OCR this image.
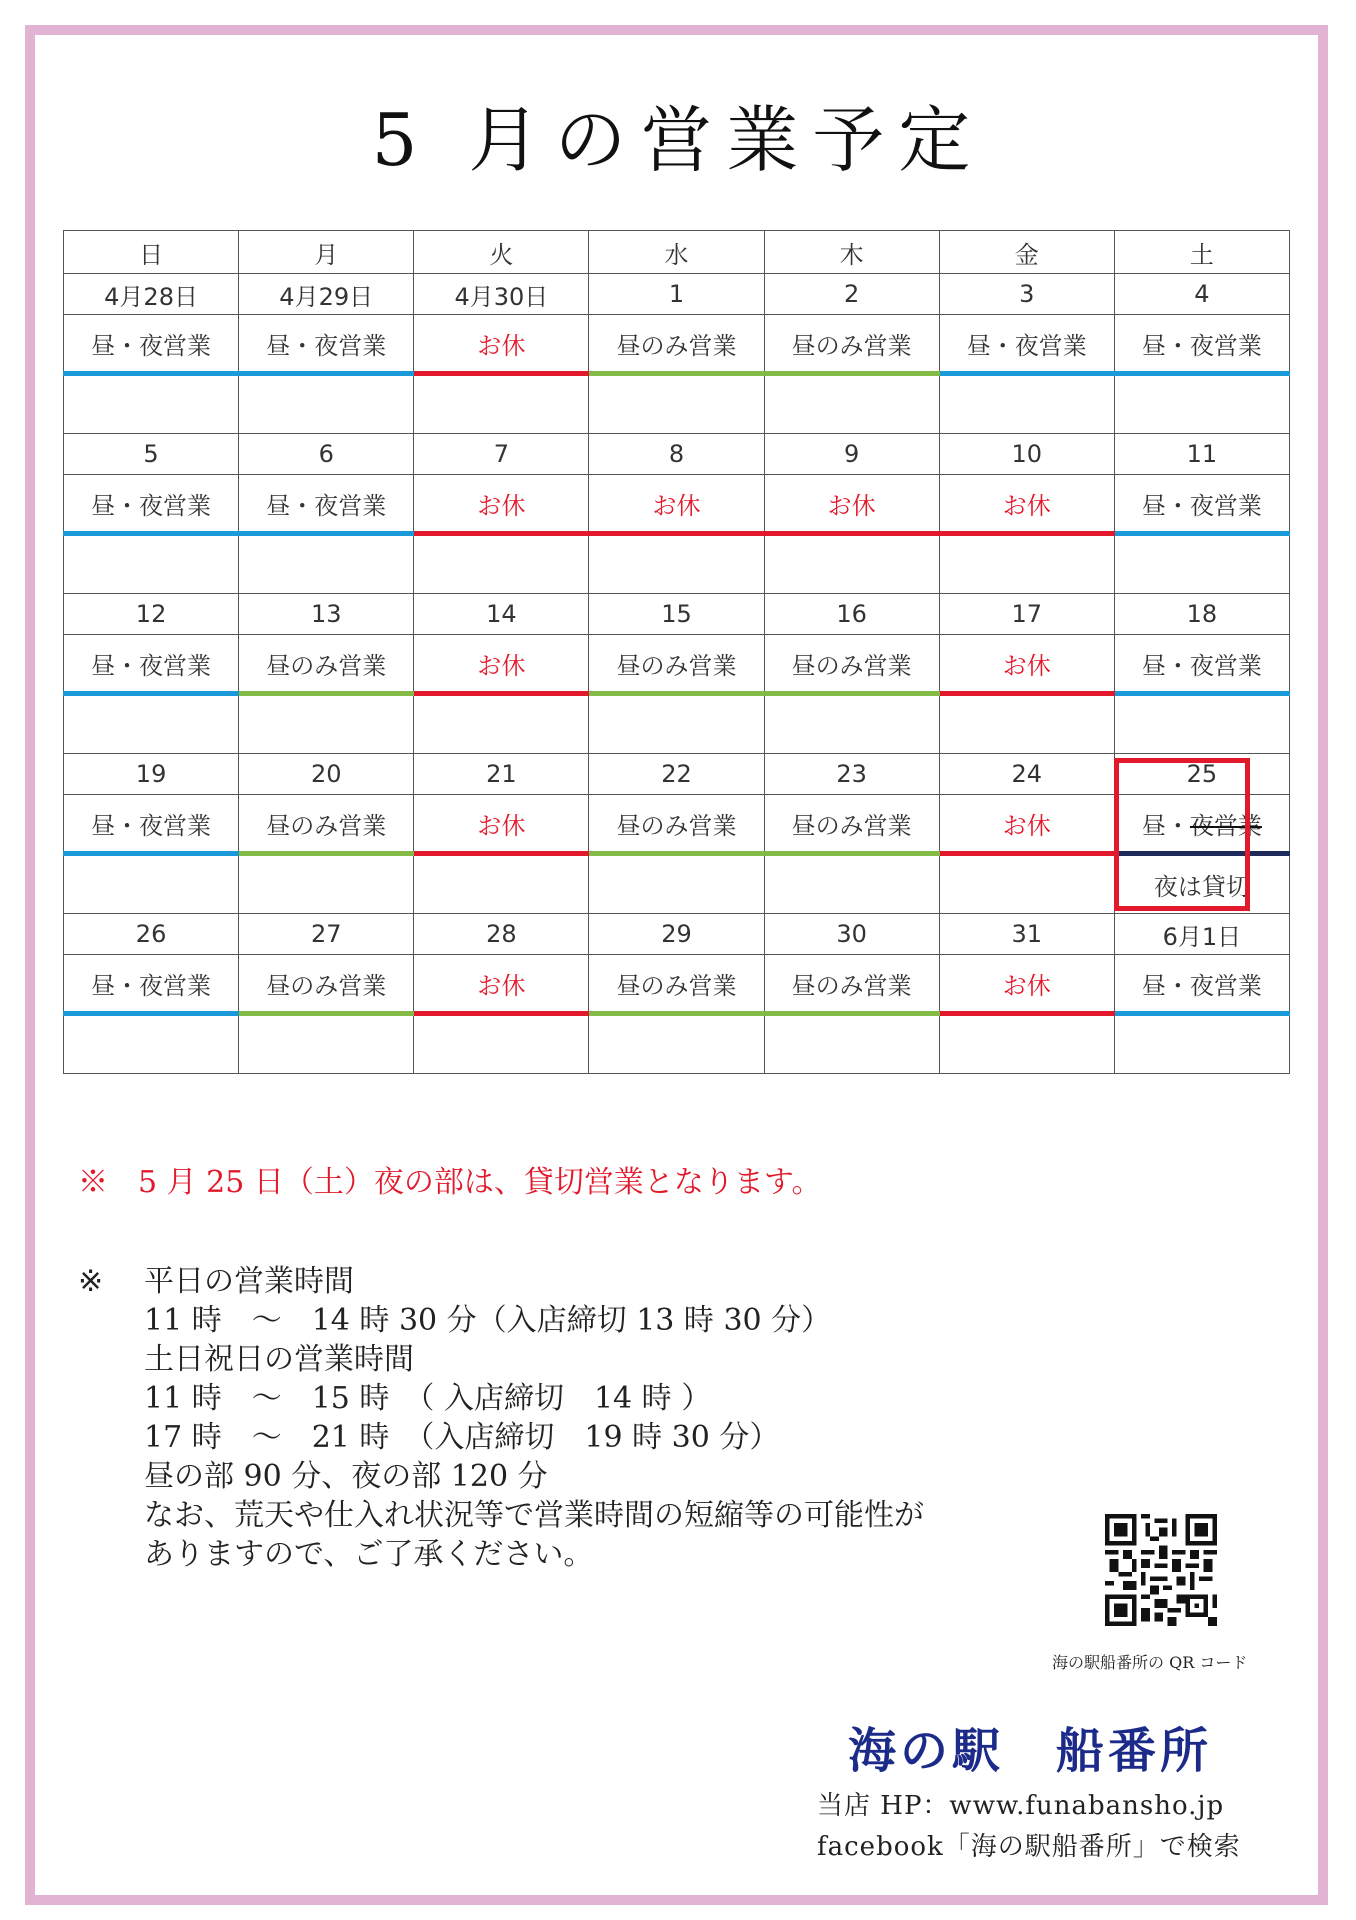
5 月の営業予定
日	月	火	水	木	金	土
4月28日	4月29日	4月30日	1	2	3	4
昼・夜営業	昼・夜営業	お休	昼のみ営業	昼のみ営業	昼・夜営業	昼・夜営業

5	6	7	8	9	10	11
昼・夜営業	昼・夜営業	お休	お休	お休	お休	昼・夜営業

12	13	14	15	16	17	18
昼・夜営業	昼のみ営業	お休	昼のみ営業	昼のみ営業	お休	昼・夜営業

19	20	21	22	23	24	25
昼・夜営業	昼のみ営業	お休	昼のみ営業	昼のみ営業	お休	昼・夜営業
						夜は貸切
26	27	28	29	30	31	6月1日
昼・夜営業	昼のみ営業	お休	昼のみ営業	昼のみ営業	お休	昼・夜営業

※　5 月 25 日（土）夜の部は、貸切営業となります。
※ 平日の営業時間
11 時　～　14 時 30 分（入店締切 13 時 30 分）
土日祝日の営業時間
11 時　～　15 時　（ 入店締切　14 時 ）
17 時　～　21 時　（入店締切　19 時 30 分）
昼の部 90 分、夜の部 120 分
なお、荒天や仕入れ状況等で営業時間の短縮等の可能性が
ありますので、ご了承ください。
海の駅船番所の QR コード
海の駅　船番所
当店 HP：www.funabansho.jp
facebook「海の駅船番所」で検索
